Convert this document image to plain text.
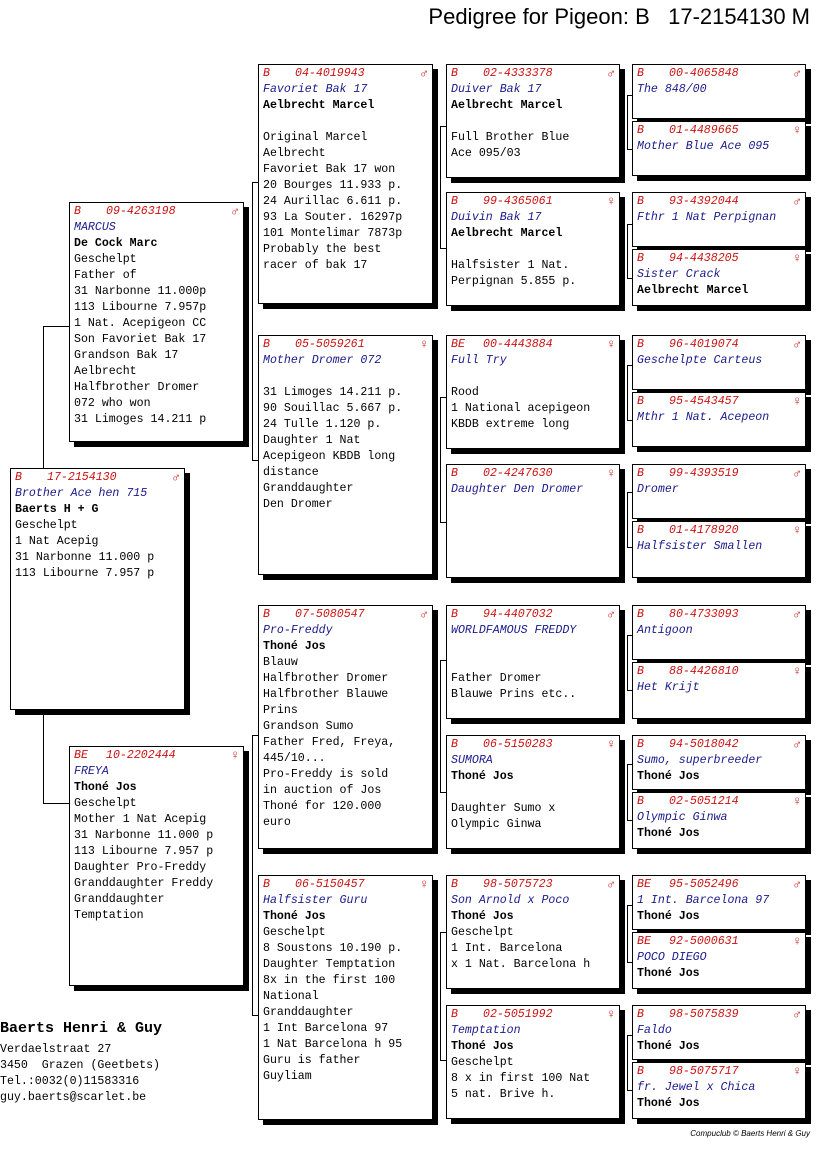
Pedigree for Pigeon: B   17-2154130 M
B	17-2154130	♂
Brother Ace hen 715
Baerts H + G
Geschelpt
1 Nat Acepig
31 Narbonne 11.000 p
113 Libourne 7.957 p
B	09-4263198	♂
MARCUS
De Cock Marc
Geschelpt
Father of
31 Narbonne 11.000p
113 Libourne 7.957p
1 Nat. Acepigeon CC
Son Favoriet Bak 17
Grandson Bak 17
Aelbrecht
Halfbrother Dromer
072 who won
31 Limoges 14.211 p
BE	10-2202444	♀
FREYA
Thoné Jos
Geschelpt
Mother 1 Nat Acepig
31 Narbonne 11.000 p
113 Libourne 7.957 p
Daughter Pro-Freddy
Granddaughter Freddy
Granddaughter
Temptation
B	04-4019943	♂
Favoriet Bak 17
Aelbrecht Marcel
Original Marcel
Aelbrecht
Favoriet Bak 17 won
20 Bourges 11.933 p.
24 Aurillac 6.611 p.
93 La Souter. 16297p
101 Montelimar 7873p
Probably the best
racer of bak 17
B	05-5059261	♀
Mother Dromer 072
31 Limoges 14.211 p.
90 Souillac 5.667 p.
24 Tulle 1.120 p.
Daughter 1 Nat
Acepigeon KBDB long
distance
Granddaughter
Den Dromer
B	07-5080547	♂
Pro-Freddy
Thoné Jos
Blauw
Halfbrother Dromer
Halfbrother Blauwe
Prins
Grandson Sumo
Father Fred, Freya,
445/10...
Pro-Freddy is sold
in auction of Jos
Thoné for 120.000
euro
B	06-5150457	♀
Halfsister Guru
Thoné Jos
Geschelpt
8 Soustons 10.190 p.
Daughter Temptation
8x in the first 100
National
Granddaughter
1 Int Barcelona 97
1 Nat Barcelona h 95
Guru is father
Guyliam
B	02-4333378	♂
Duiver Bak 17
Aelbrecht Marcel
Full Brother Blue
Ace 095/03
B	99-4365061	♀
Duivin Bak 17
Aelbrecht Marcel
Halfsister 1 Nat.
Perpignan 5.855 p.
BE	00-4443884	♀
Full Try
Rood
1 National acepigeon
KBDB extreme long
B	02-4247630	♀
Daughter Den Dromer
B	94-4407032	♂
WORLDFAMOUS FREDDY
Father Dromer
Blauwe Prins etc..
B	06-5150283	♀
SUMORA
Thoné Jos
Daughter Sumo x
Olympic Ginwa
B	98-5075723	♂
Son Arnold x Poco
Thoné Jos
Geschelpt
1 Int. Barcelona
x 1 Nat. Barcelona h
B	02-5051992	♀
Temptation
Thoné Jos
Geschelpt
8 x in first 100 Nat
5 nat. Brive h.
B	00-4065848	♂
The 848/00
B	01-4489665	♀
Mother Blue Ace 095
B	93-4392044	♂
Fthr 1 Nat Perpignan
B	94-4438205	♀
Sister Crack
Aelbrecht Marcel
B	96-4019074	♂
Geschelpte Carteus
B	95-4543457	♀
Mthr 1 Nat. Acepeon
B	99-4393519	♂
Dromer
B	01-4178920	♀
Halfsister Smallen
B	80-4733093	♂
Antigoon
B	88-4426810	♀
Het Krijt
B	94-5018042	♂
Sumo, superbreeder
Thoné Jos
B	02-5051214	♀
Olympic Ginwa
Thoné Jos
BE	95-5052496	♂
1 Int. Barcelona 97
Thoné Jos
BE	92-5000631	♀
POCO DIEGO
Thoné Jos
B	98-5075839	♂
Faldo
Thoné Jos
B	98-5075717	♀
fr. Jewel x Chica
Thoné Jos
Baerts Henri & Guy
Verdaelstraat 27
3450  Grazen (Geetbets)
Tel.:0032(0)11583316
guy.baerts@scarlet.be
Compuclub © Baerts Henri & Guy
